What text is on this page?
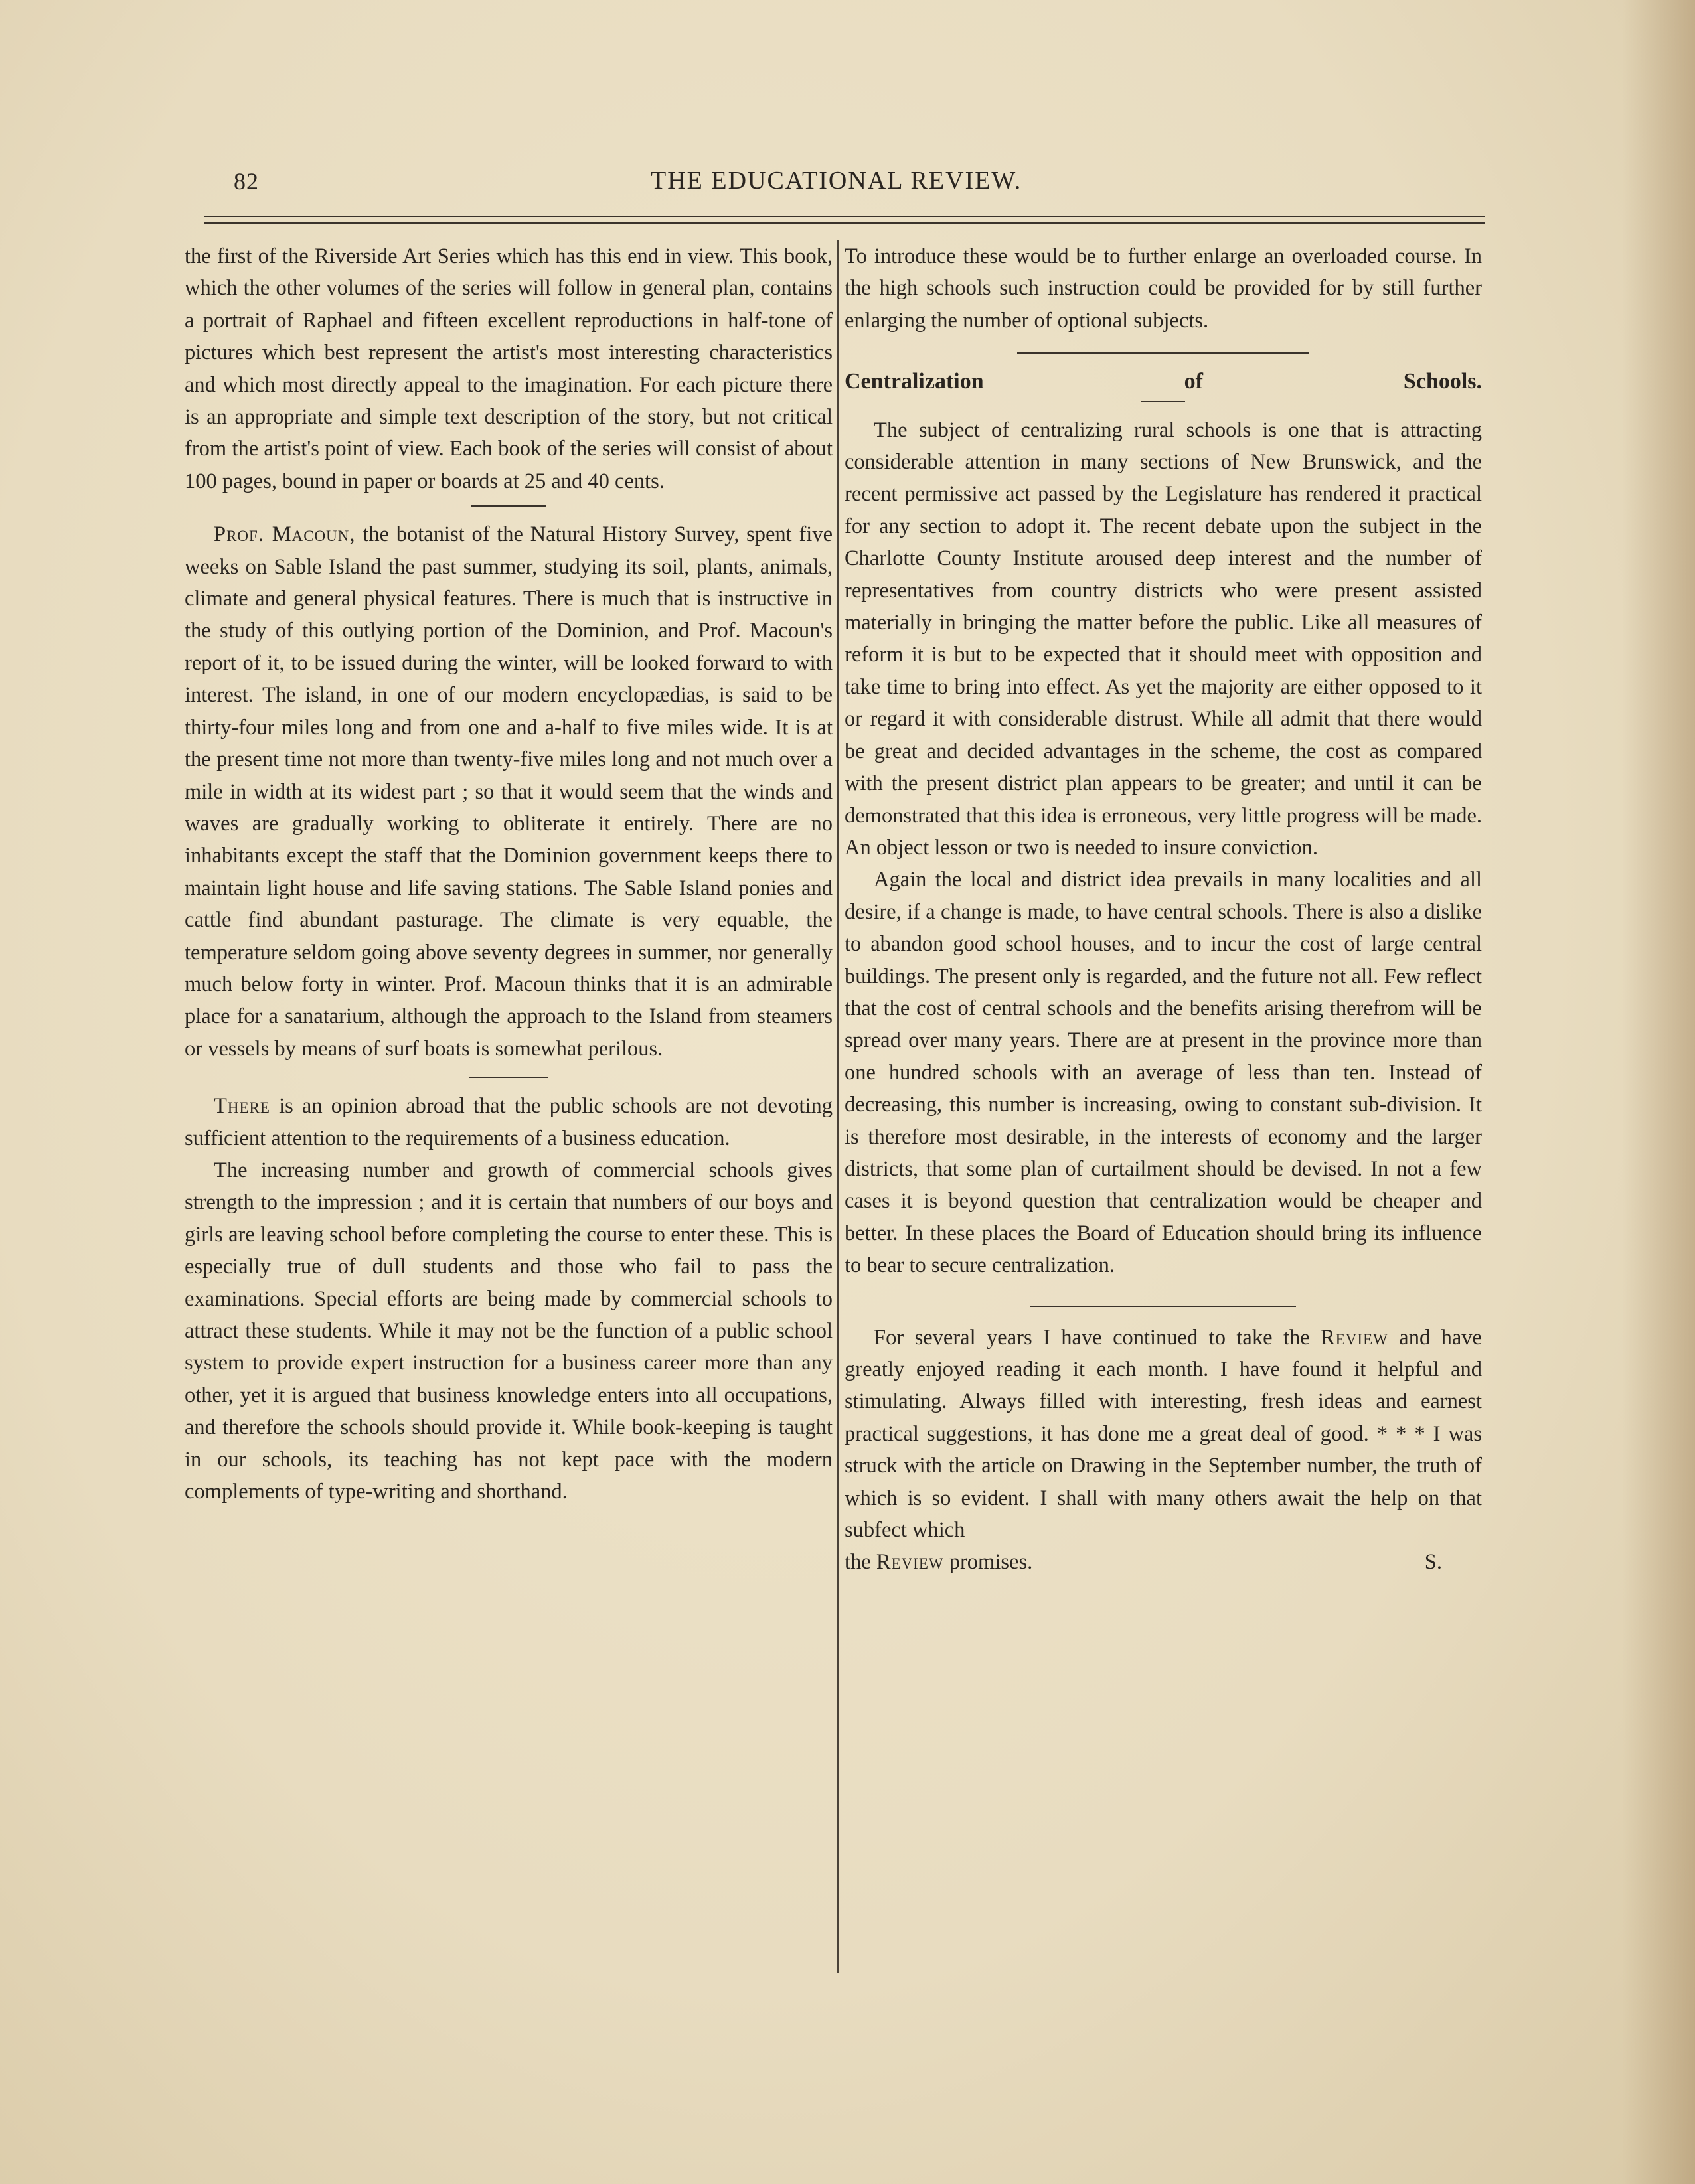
82	THE EDUCATIONAL REVIEW.

the first of the Riverside Art Series which has this end in view. This book, which the other volumes of the series will follow in general plan, contains a portrait of Raphael and fifteen excellent reproductions in half-tone of pictures which best represent the artist's most interesting characteristics and which most directly appeal to the imagination. For each picture there is an appropriate and simple text description of the story, but not critical from the artist's point of view. Each book of the series will consist of about 100 pages, bound in paper or boards at 25 and 40 cents.

Prof. Macoun, the botanist of the Natural History Survey, spent five weeks on Sable Island the past summer, studying its soil, plants, animals, climate and general physical features. There is much that is instructive in the study of this outlying portion of the Dominion, and Prof. Macoun's report of it, to be issued during the winter, will be looked forward to with interest. The island, in one of our modern encyclopædias, is said to be thirty-four miles long and from one and a-half to five miles wide. It is at the present time not more than twenty-five miles long and not much over a mile in width at its widest part ; so that it would seem that the winds and waves are gradually working to obliterate it entirely. There are no inhabitants except the staff that the Dominion government keeps there to maintain light house and life saving stations. The Sable Island ponies and cattle find abundant pasturage. The climate is very equable, the temperature seldom going above seventy degrees in summer, nor generally much below forty in winter. Prof. Macoun thinks that it is an admirable place for a sanatarium, although the approach to the Island from steamers or vessels by means of surf boats is somewhat perilous.

There is an opinion abroad that the public schools are not devoting sufficient attention to the requirements of a business education.

The increasing number and growth of commercial schools gives strength to the impression ; and it is certain that numbers of our boys and girls are leaving school before completing the course to enter these. This is especially true of dull students and those who fail to pass the examinations. Special efforts are being made by commercial schools to attract these students. While it may not be the function of a public school system to provide expert instruction for a business career more than any other, yet it is argued that business knowledge enters into all occupations, and therefore the schools should provide it. While book-keeping is taught in our schools, its teaching has not kept pace with the modern complements of type-writing and shorthand.

To introduce these would be to further enlarge an overloaded course. In the high schools such instruction could be provided for by still further enlarging the number of optional subjects.

Centralization of Schools.

The subject of centralizing rural schools is one that is attracting considerable attention in many sections of New Brunswick, and the recent permissive act passed by the Legislature has rendered it practical for any section to adopt it. The recent debate upon the subject in the Charlotte County Institute aroused deep interest and the number of representatives from country districts who were present assisted materially in bringing the matter before the public. Like all measures of reform it is but to be expected that it should meet with opposition and take time to bring into effect. As yet the majority are either opposed to it or regard it with considerable distrust. While all admit that there would be great and decided advantages in the scheme, the cost as compared with the present district plan appears to be greater; and until it can be demonstrated that this idea is erroneous, very little progress will be made. An object lesson or two is needed to insure conviction.

Again the local and district idea prevails in many localities and all desire, if a change is made, to have central schools. There is also a dislike to abandon good school houses, and to incur the cost of large central buildings. The present only is regarded, and the future not all. Few reflect that the cost of central schools and the benefits arising therefrom will be spread over many years. There are at present in the province more than one hundred schools with an average of less than ten. Instead of decreasing, this number is increasing, owing to constant sub-division. It is therefore most desirable, in the interests of economy and the larger districts, that some plan of curtailment should be devised. In not a few cases it is beyond question that centralization would be cheaper and better. In these places the Board of Education should bring its influence to bear to secure centralization.

For several years I have continued to take the Review and have greatly enjoyed reading it each month. I have found it helpful and stimulating. Always filled with interesting, fresh ideas and earnest practical suggestions, it has done me a great deal of good. * * * I was struck with the article on Drawing in the September number, the truth of which is so evident. I shall with many others await the help on that subfect which

the Review promises.	S.
